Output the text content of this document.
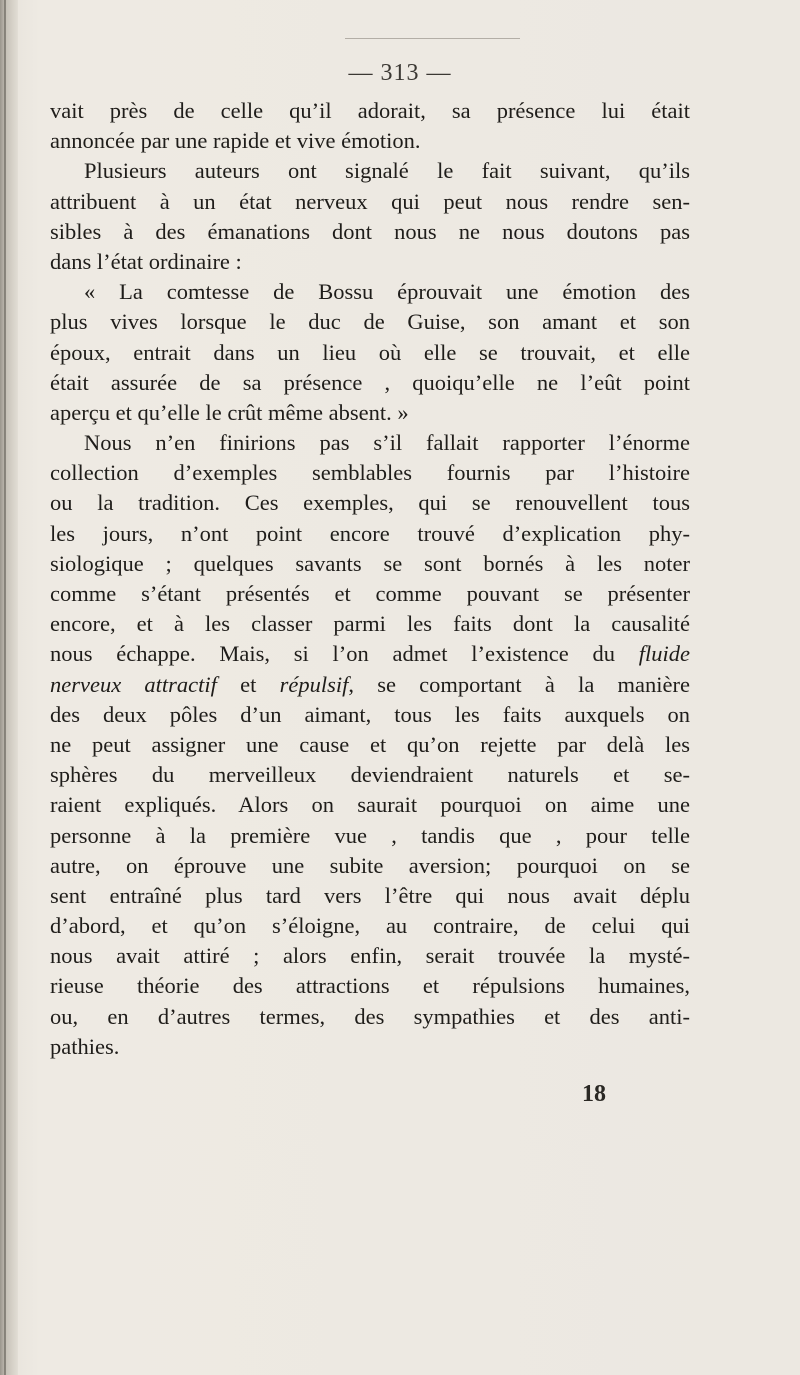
— 313 —
vait près de celle qu’il adorait, sa présence lui était
annoncée par une rapide et vive émotion.
Plusieurs auteurs ont signalé le fait suivant, qu’ils
attribuent à un état nerveux qui peut nous rendre sen-
sibles à des émanations dont nous ne nous doutons pas
dans l’état ordinaire :
« La comtesse de Bossu éprouvait une émotion des
plus vives lorsque le duc de Guise, son amant et son
époux, entrait dans un lieu où elle se trouvait, et elle
était assurée de sa présence , quoiqu’elle ne l’eût point
aperçu et qu’elle le crût même absent. »
Nous n’en finirions pas s’il fallait rapporter l’énorme
collection d’exemples semblables fournis par l’histoire
ou la tradition. Ces exemples, qui se renouvellent tous
les jours, n’ont point encore trouvé d’explication phy-
siologique ; quelques savants se sont bornés à les noter
comme s’étant présentés et comme pouvant se présenter
encore, et à les classer parmi les faits dont la causalité
nous échappe. Mais, si l’on admet l’existence du fluide
nerveux attractif et répulsif, se comportant à la manière
des deux pôles d’un aimant, tous les faits auxquels on
ne peut assigner une cause et qu’on rejette par delà les
sphères du merveilleux deviendraient naturels et se-
raient expliqués. Alors on saurait pourquoi on aime une
personne à la première vue , tandis que , pour telle
autre, on éprouve une subite aversion; pourquoi on se
sent entraîné plus tard vers l’être qui nous avait déplu
d’abord, et qu’on s’éloigne, au contraire, de celui qui
nous avait attiré ; alors enfin, serait trouvée la mysté-
rieuse théorie des attractions et répulsions humaines,
ou, en d’autres termes, des sympathies et des anti-
pathies.
18
